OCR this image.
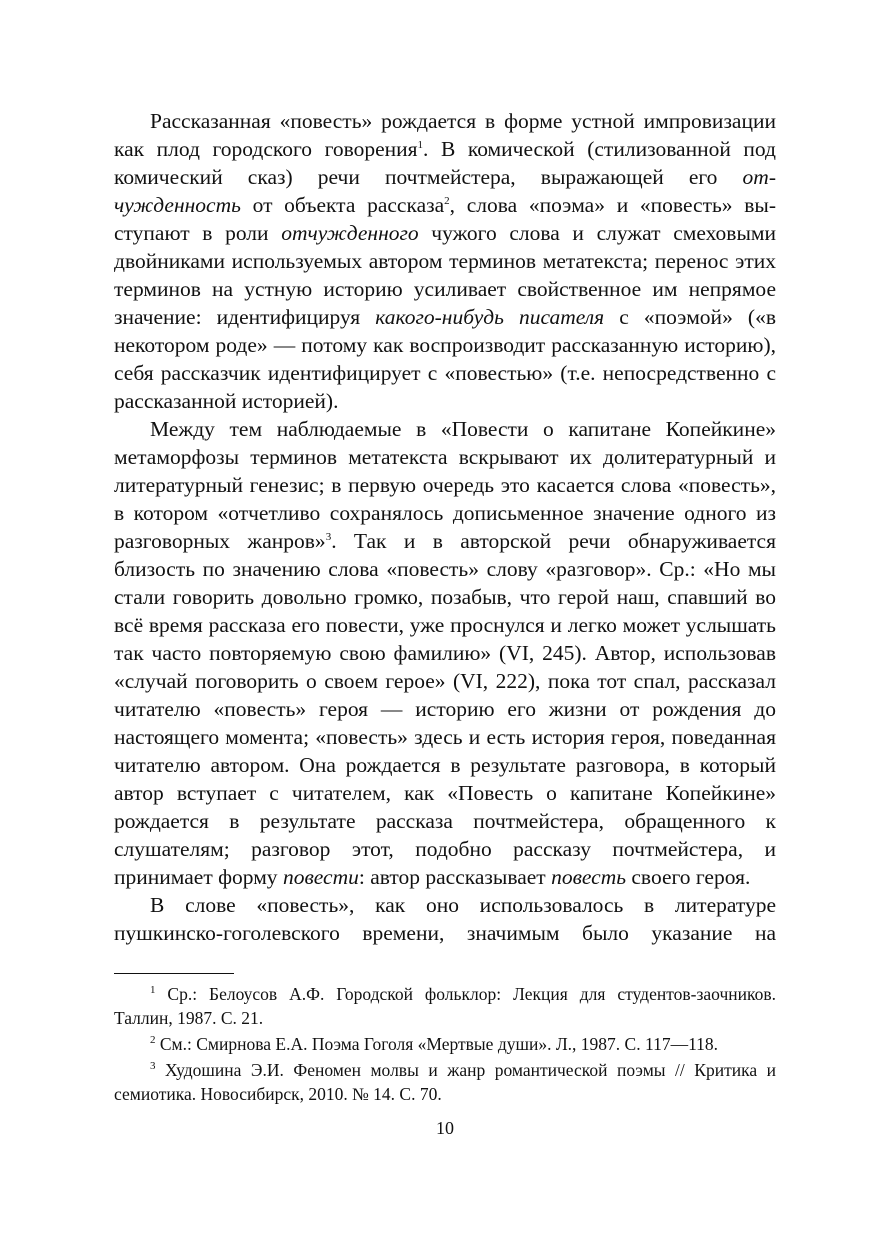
Рассказанная «повесть» рождается в форме устной импровизации как плод городского говорения$^1$. В комической (стилизованной под комический сказ) речи почтмейстера, выражающей его отчужденность от объекта рассказа$^2$, слова «поэма» и «повесть» выступают в роли отчужденного чужого слова и служат смеховыми двойниками используемых автором терминов метатекста; перенос этих терминов на устную историю усиливает свойственное им непрямое значение: идентифицируя какого-нибудь писателя с «поэмой» («в некотором роде» — потому как воспроизводит рассказанную историю), себя рассказчик идентифицирует с «повестью» (т.е. непосредственно с рассказанной историей).

Между тем наблюдаемые в «Повести о капитане Копейкине» метаморфозы терминов метатекста вскрывают их долитературный и литературный генезис; в первую очередь это касается слова «повесть», в котором «отчетливо сохранялось дописьменное значение одного из разговорных жанров»$^3$. Так и в авторской речи обнаруживается близость по значению слова «повесть» слову «разговор». Ср.: «Но мы стали говорить довольно громко, позабыв, что герой наш, спавший во всё время рассказа его повести, уже проснулся и легко может услышать так часто повторяемую свою фамилию» (VI, 245). Автор, использовав «случай поговорить о своем герое» (VI, 222), пока тот спал, рассказал читателю «повесть» героя — историю его жизни от рождения до настоящего момента; «повесть» здесь и есть история героя, поведанная читателю автором. Она рождается в результате разговора, в который автор вступает с читателем, как «Повесть о капитане Копейкине» рождается в результате рассказа почтмейстера, обращенного к слушателям; разговор этот, подобно рассказу почтмейстера, и принимает форму повести: автор рассказывает повесть своего героя.

В слове «повесть», как оно использовалось в литературе пушкинско-гоголевского времени, значимым было указание на

$^1$ Ср.: Белоусов А.Ф. Городской фольклор: Лекция для студентов-заочников. Таллин, 1987. С. 21.

$^2$ См.: Смирнова Е.А. Поэма Гоголя «Мертвые души». Л., 1987. С. 117—118.

$^3$ Худошина Э.И. Феномен молвы и жанр романтической поэмы // Критика и семиотика. Новосибирск, 2010. № 14. С. 70.

10
